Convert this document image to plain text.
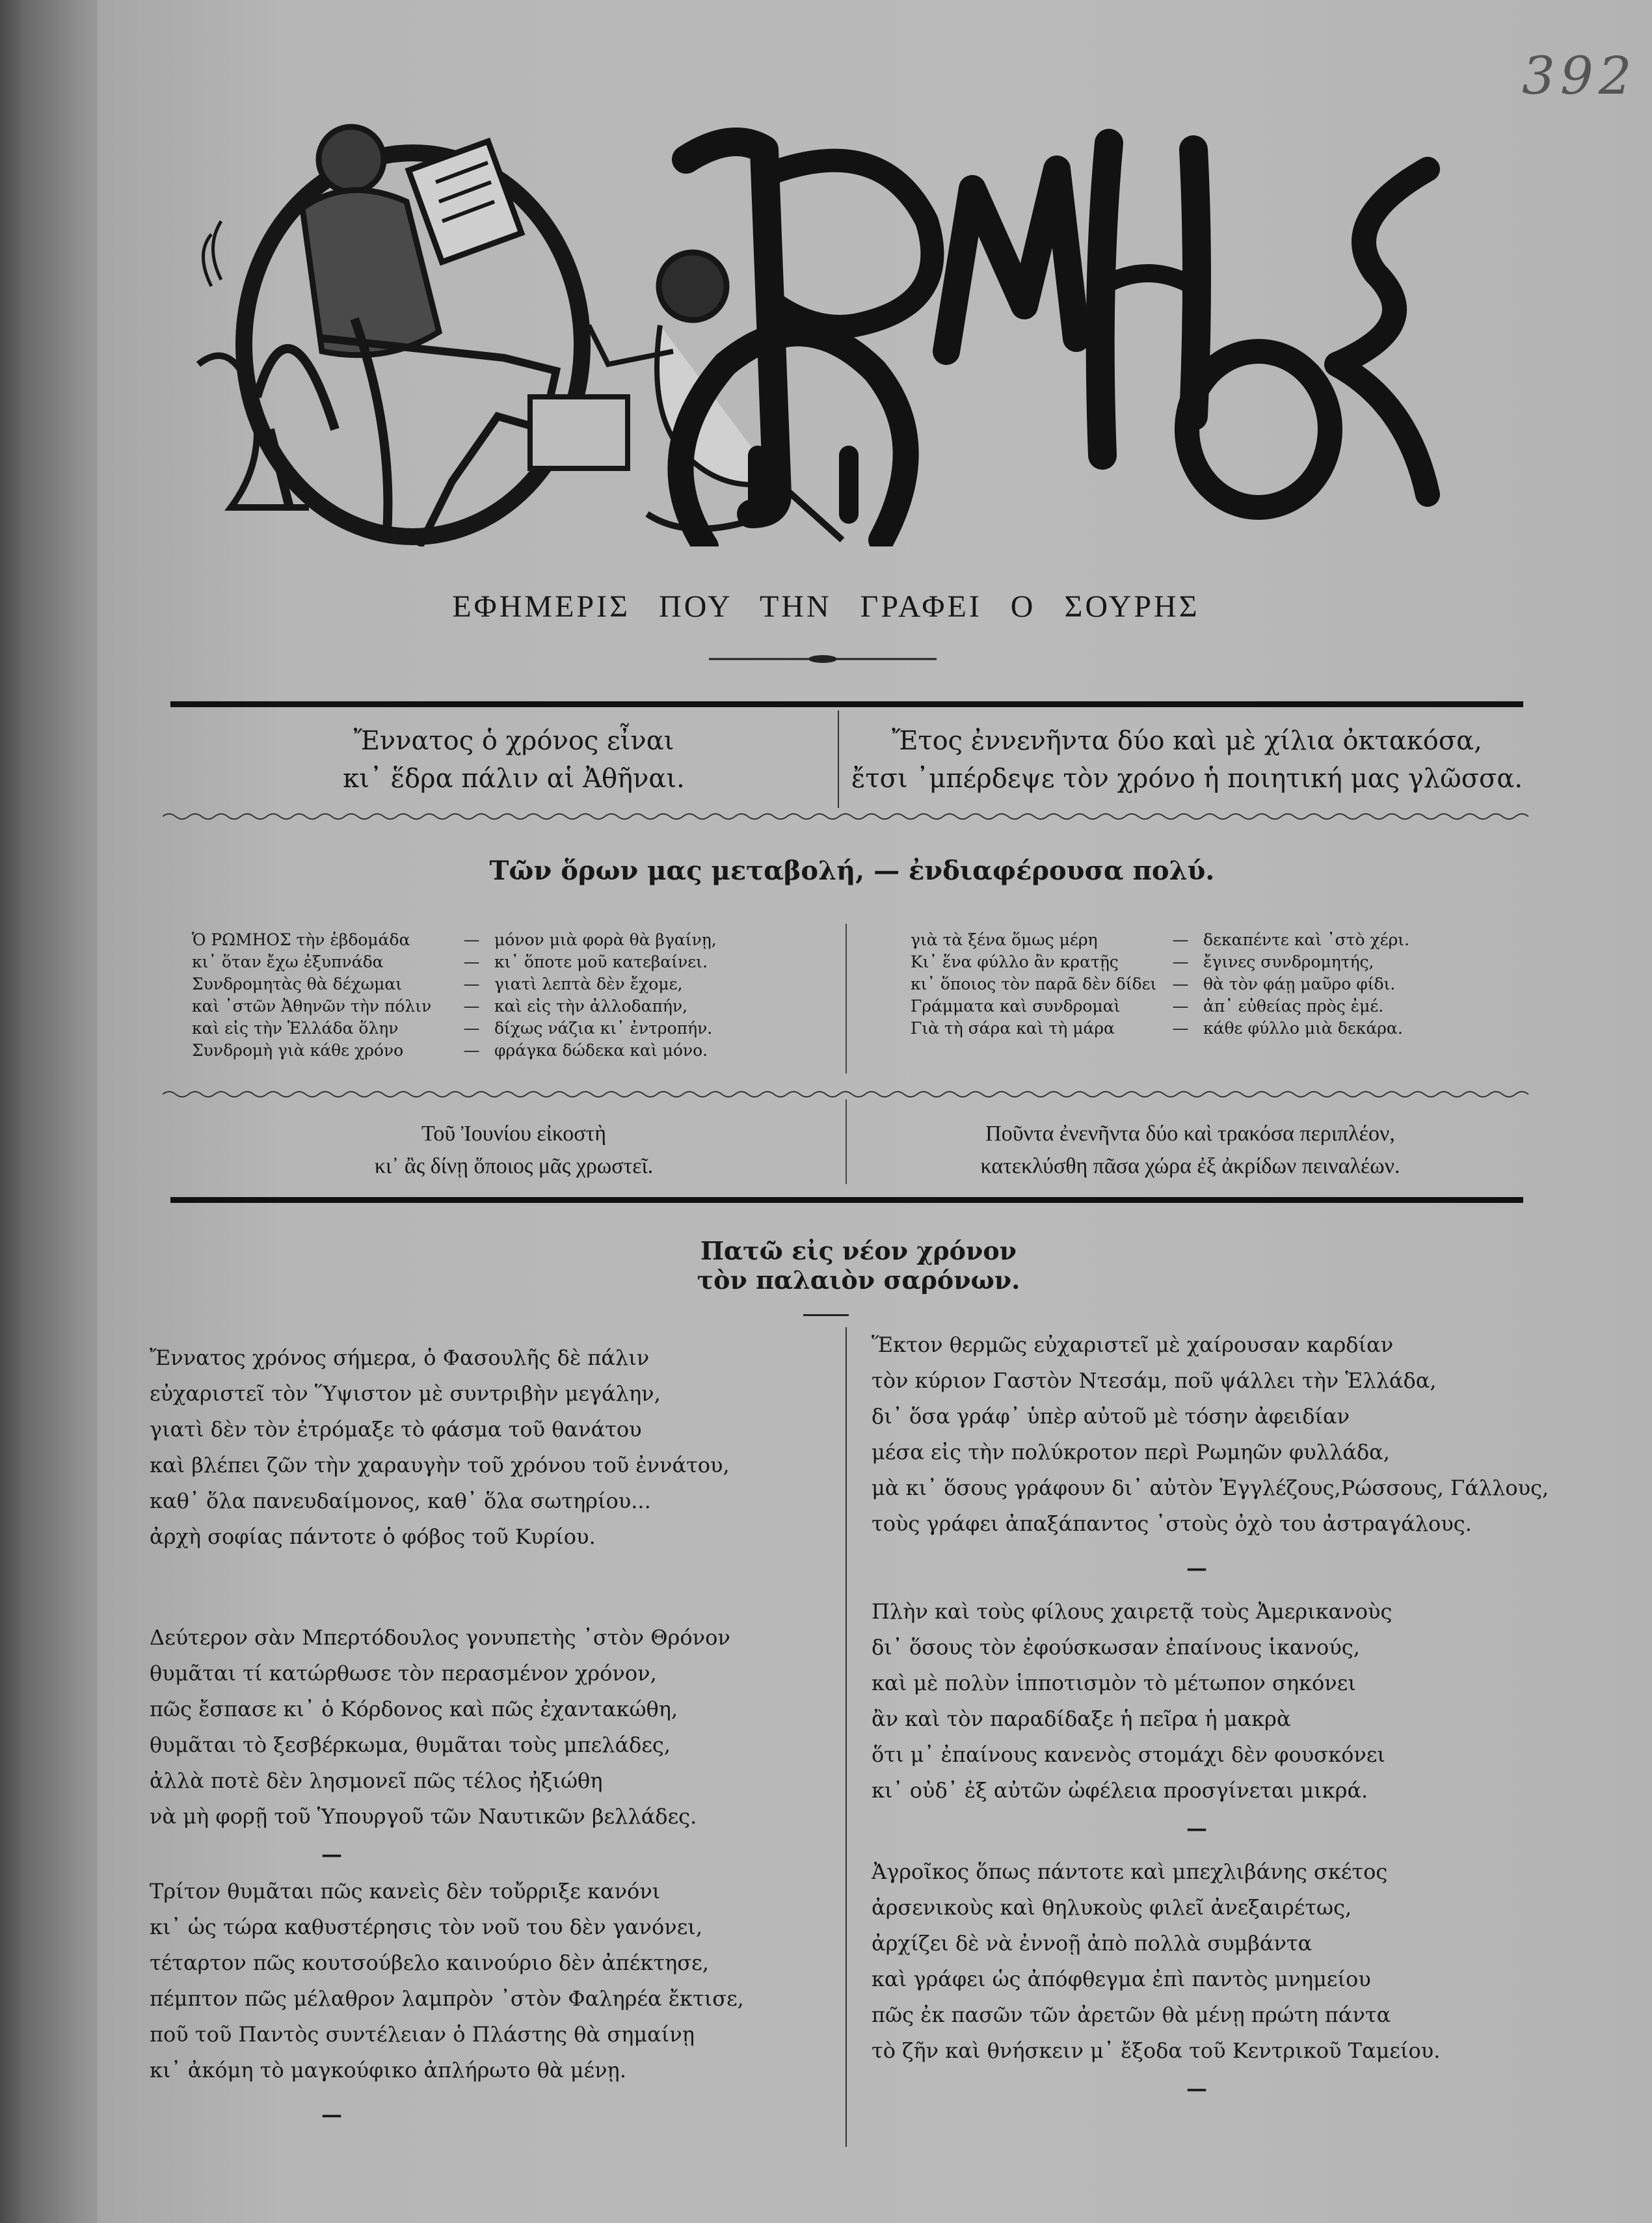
392
ΕΦΗΜΕΡΙΣ ΠΟΥ ΤΗΝ ΓΡΑΦΕΙ Ο ΣΟΥΡΗΣ
Ἔννατος ὁ χρόνος εἶναι
κι᾿ ἕδρα πάλιν αἱ Ἀθῆναι.
Ἔτος ἐννενῆντα δύο καὶ μὲ χίλια ὀκτακόσα,
ἔτσι ᾽μπέρδεψε τὸν χρόνο ἡ ποιητική μας γλῶσσα.
Τῶν ὅρων μας μεταβολή, — ἐνδιαφέρουσα πολύ.
Ὁ ΡΩΜΗΟΣ τὴν ἑβδομάδα	— μόνον μιὰ φορὰ θὰ βγαίνῃ,
κι᾿ ὅταν ἔχω ἐξυπνάδα	— κι᾿ ὅποτε μοῦ κατεβαίνει.
Συνδρομητὰς θὰ δέχωμαι	— γιατὶ λεπτὰ δὲν ἔχομε,
καὶ ᾽στῶν Ἀθηνῶν τὴν πόλιν	— καὶ εἰς τὴν ἀλλοδαπήν,
καὶ εἰς τὴν Ἑλλάδα ὅλην	— δίχως νάζια κι᾿ ἐντροπήν.
Συνδρομὴ γιὰ κάθε χρόνο	— φράγκα δώδεκα καὶ μόνο.
γιὰ τὰ ξένα ὅμως μέρη	— δεκαπέντε καὶ ᾽στὸ χέρι.
Κι᾿ ἕνα φύλλο ἂν κρατῇς	— ἔγινες συνδρομητής,
κι᾿ ὅποιος τὸν παρᾶ δὲν δίδει — θὰ τὸν φάῃ μαῦρο φίδι.
Γράμματα καὶ συνδρομαὶ	— ἀπ᾿ εὐθείας πρὸς ἐμέ.
Γιὰ τὴ σάρα καὶ τὴ μάρα	— κάθε φύλλο μιὰ δεκάρα.
Τοῦ Ἰουνίου εἰκοστὴ
κι᾿ ἂς δίνῃ ὅποιος μᾶς χρωστεῖ.
Ποῦντα ἐνενῆντα δύο καὶ τρακόσα περιπλέον,
κατεκλύσθη πᾶσα χώρα ἐξ ἀκρίδων πειναλέων.
Πατῶ εἰς νέον χρόνον
τὸν παλαιὸν σαρόνων.
Ἔννατος χρόνος σήμερα, ὁ Φασουλῆς δὲ πάλιν
εὐχαριστεῖ τὸν Ὕψιστον μὲ συντριβὴν μεγάλην,
γιατὶ δὲν τὸν ἐτρόμαξε τὸ φάσμα τοῦ θανάτου
καὶ βλέπει ζῶν τὴν χαραυγὴν τοῦ χρόνου τοῦ ἐννάτου,
καθ᾿ ὅλα πανευδαίμονος, καθ᾿ ὅλα σωτηρίου...
ἀρχὴ σοφίας πάντοτε ὁ φόβος τοῦ Κυρίου.
Δεύτερον σὰν Μπερτόδουλος γονυπετὴς ᾽στὸν Θρόνον
θυμᾶται τί κατώρθωσε τὸν περασμένον χρόνον,
πῶς ἔσπασε κι᾿ ὁ Κόρδονος καὶ πῶς ἐχαντακώθη,
θυμᾶται τὸ ξεσβέρκωμα, θυμᾶται τοὺς μπελάδες,
ἀλλὰ ποτὲ δὲν λησμονεῖ πῶς τέλος ἠξιώθη
νὰ μὴ φορῇ τοῦ Ὑπουργοῦ τῶν Ναυτικῶν βελλάδες.
—
Τρίτον θυμᾶται πῶς κανεὶς δὲν τοὔρριξε κανόνι
κι᾿ ὡς τώρα καθυστέρησις τὸν νοῦ του δὲν γανόνει,
τέταρτον πῶς κουτσούβελο καινούριο δὲν ἀπέκτησε,
πέμπτον πῶς μέλαθρον λαμπρὸν ᾽στὸν Φαληρέα ἔκτισε,
ποῦ τοῦ Παντὸς συντέλειαν ὁ Πλάστης θὰ σημαίνῃ
κι᾿ ἀκόμη τὸ μαγκούφικο ἀπλήρωτο θὰ μένῃ.
—
Ἕκτον θερμῶς εὐχαριστεῖ μὲ χαίρουσαν καρδίαν
τὸν κύριον Γαστὸν Ντεσάμ, ποῦ ψάλλει τὴν Ἑλλάδα,
δι᾿ ὅσα γράφ᾿ ὑπὲρ αὐτοῦ μὲ τόσην ἀφειδίαν
μέσα εἰς τὴν πολύκροτον περὶ Ρωμηῶν φυλλάδα,
μὰ κι᾿ ὅσους γράφουν δι᾿ αὐτὸν Ἐγγλέζους,Ρώσσους, Γάλλους,
τοὺς γράφει ἀπαξάπαντος ᾽στοὺς ὀχὸ του ἀστραγάλους.
—
Πλὴν καὶ τοὺς φίλους χαιρετᾷ τοὺς Ἀμερικανοὺς
δι᾿ ὅσους τὸν ἐφούσκωσαν ἐπαίνους ἱκανούς,
καὶ μὲ πολὺν ἱπποτισμὸν τὸ μέτωπον σηκόνει
ἂν καὶ τὸν παραδίδαξε ἡ πεῖρα ἡ μακρὰ
ὅτι μ᾿ ἐπαίνους κανενὸς στομάχι δὲν φουσκόνει
κι᾿ οὐδ᾿ ἐξ αὐτῶν ὠφέλεια προσγίνεται μικρά.
—
Ἀγροῖκος ὅπως πάντοτε καὶ μπεχλιβάνης σκέτος
ἀρσενικοὺς καὶ θηλυκοὺς φιλεῖ ἀνεξαιρέτως,
ἀρχίζει δὲ νὰ ἐννοῇ ἀπὸ πολλὰ συμβάντα
καὶ γράφει ὡς ἀπόφθεγμα ἐπὶ παντὸς μνημείου
πῶς ἐκ πασῶν τῶν ἀρετῶν θὰ μένῃ πρώτη πάντα
τὸ ζῆν καὶ θνήσκειν μ᾿ ἔξοδα τοῦ Κεντρικοῦ Ταμείου.
—
